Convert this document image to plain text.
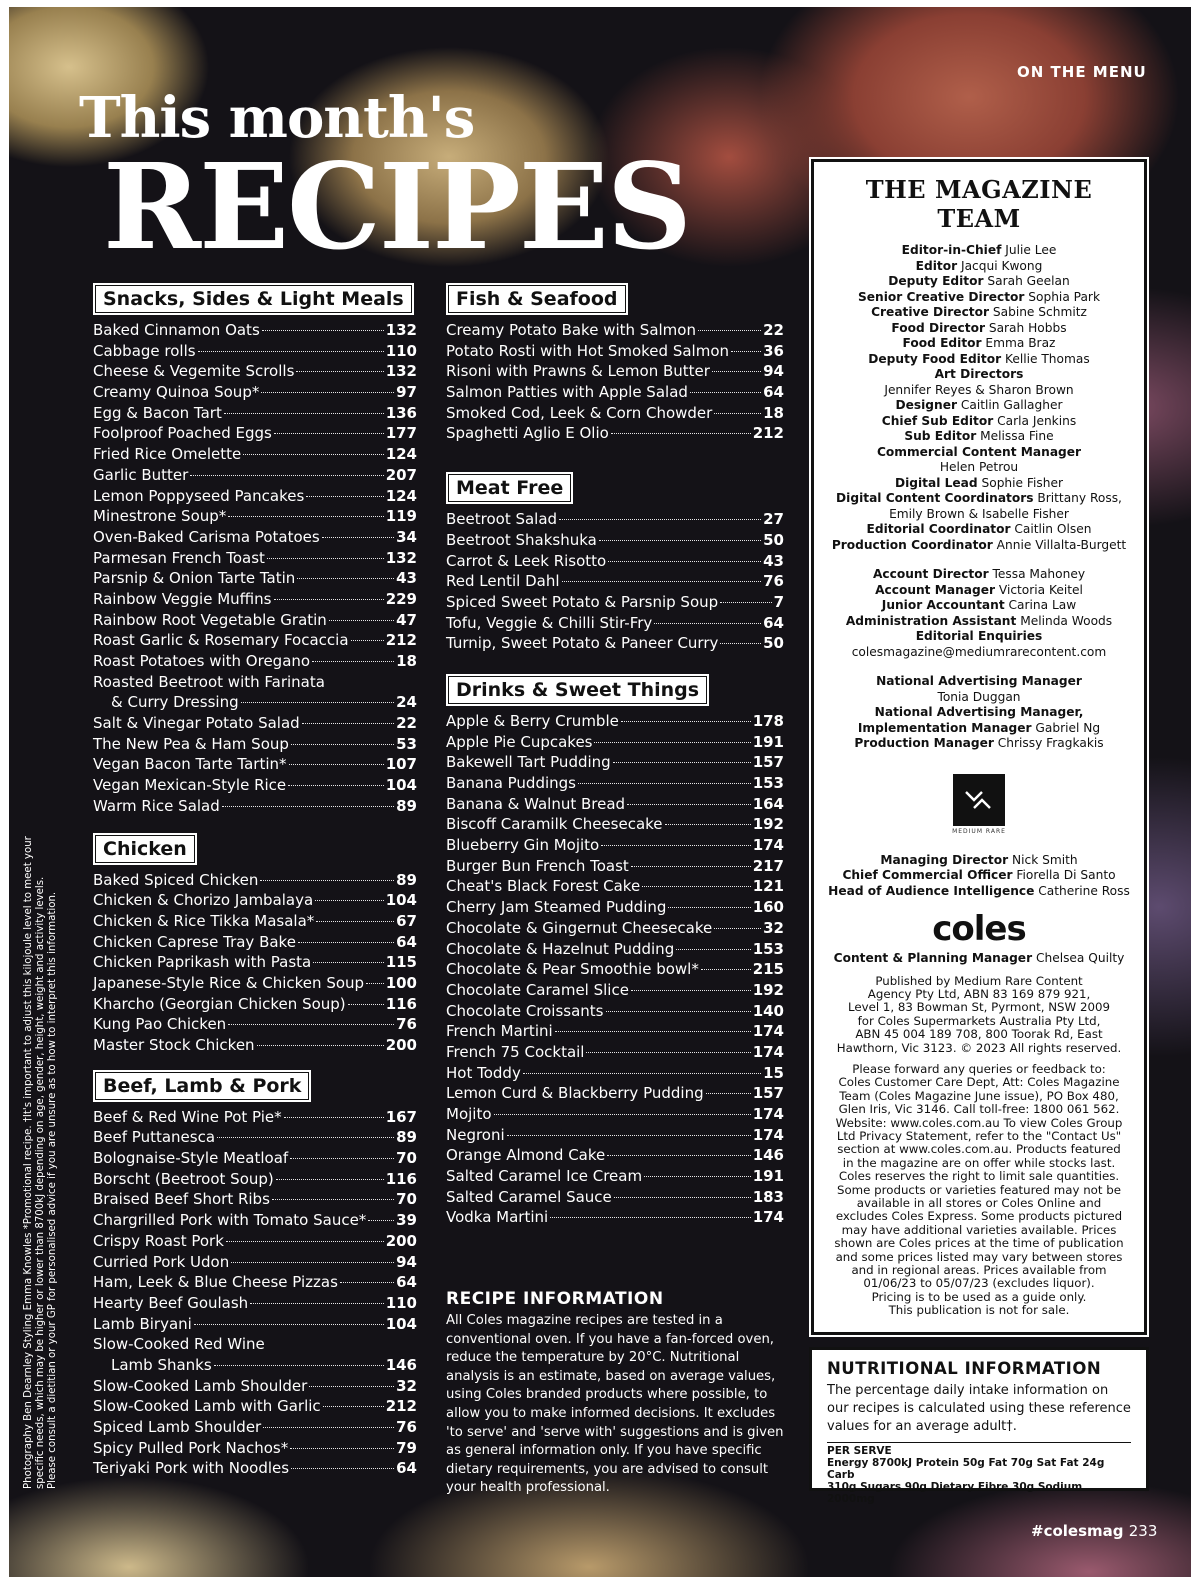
ON THE MENU
This month's
RECIPES
Snacks, Sides & Light Meals
Baked Cinnamon Oats	132
Cabbage rolls	110
Cheese & Vegemite Scrolls	132
Creamy Quinoa Soup*	97
Egg & Bacon Tart	136
Foolproof Poached Eggs	177
Fried Rice Omelette	124
Garlic Butter	207
Lemon Poppyseed Pancakes	124
Minestrone Soup*	119
Oven-Baked Carisma Potatoes	34
Parmesan French Toast	132
Parsnip & Onion Tarte Tatin	43
Rainbow Veggie Muffins	229
Rainbow Root Vegetable Gratin	47
Roast Garlic & Rosemary Focaccia 212
Roast Potatoes with Oregano	18
Roasted Beetroot with Farinata
& Curry Dressing	24
Salt & Vinegar Potato Salad	22
The New Pea & Ham Soup	53
Vegan Bacon Tarte Tartin*	107
Vegan Mexican-Style Rice	104
Warm Rice Salad	89
Chicken
Baked Spiced Chicken	89
Chicken & Chorizo Jambalaya	104
Chicken & Rice Tikka Masala*	67
Chicken Caprese Tray Bake	64
Chicken Paprikash with Pasta	115
Japanese-Style Rice & Chicken Soup 100
Kharcho (Georgian Chicken Soup)	116
Kung Pao Chicken	76
Master Stock Chicken	200
Beef, Lamb & Pork
Beef & Red Wine Pot Pie*	167
Beef Puttanesca	89
Bolognaise-Style Meatloaf	70
Borscht (Beetroot Soup)	116
Braised Beef Short Ribs	70
Chargrilled Pork with Tomato Sauce* 39
Crispy Roast Pork	200
Curried Pork Udon	94
Ham, Leek & Blue Cheese Pizzas	64
Hearty Beef Goulash	110
Lamb Biryani	104
Slow-Cooked Red Wine
Lamb Shanks	146
Slow-Cooked Lamb Shoulder	32
Slow-Cooked Lamb with Garlic	212
Spiced Lamb Shoulder	76
Spicy Pulled Pork Nachos*	79
Teriyaki Pork with Noodles	64
Fish & Seafood
Creamy Potato Bake with Salmon	22
Potato Rosti with Hot Smoked Salmon 36
Risoni with Prawns & Lemon Butter	94
Salmon Patties with Apple Salad	64
Smoked Cod, Leek & Corn Chowder	18
Spaghetti Aglio E Olio	212
Meat Free
Beetroot Salad	27
Beetroot Shakshuka	50
Carrot & Leek Risotto	43
Red Lentil Dahl	76
Spiced Sweet Potato & Parsnip Soup	7
Tofu, Veggie & Chilli Stir-Fry	64
Turnip, Sweet Potato & Paneer Curry	50
Drinks & Sweet Things
Apple & Berry Crumble	178
Apple Pie Cupcakes	191
Bakewell Tart Pudding	157
Banana Puddings	153
Banana & Walnut Bread	164
Biscoff Caramilk Cheesecake	192
Blueberry Gin Mojito	174
Burger Bun French Toast	217
Cheat's Black Forest Cake	121
Cherry Jam Steamed Pudding	160
Chocolate & Gingernut Cheesecake	32
Chocolate & Hazelnut Pudding	153
Chocolate & Pear Smoothie bowl*	215
Chocolate Caramel Slice	192
Chocolate Croissants	140
French Martini	174
French 75 Cocktail	174
Hot Toddy	15
Lemon Curd & Blackberry Pudding	157
Mojito	174
Negroni	174
Orange Almond Cake	146
Salted Caramel Ice Cream	191
Salted Caramel Sauce	183
Vodka Martini	174
RECIPE INFORMATION

All Coles magazine recipes are tested in a conventional oven. If you have a fan-forced oven, reduce the temperature by 20°C. Nutritional analysis is an estimate, based on average values, using Coles branded products where possible, to allow you to make informed decisions. It excludes 'to serve' and 'serve with' suggestions and is given as general information only. If you have specific dietary requirements, you are advised to consult your health professional.

THE MAGAZINE TEAM
Editor-in-Chief Julie Lee
Editor Jacqui Kwong
Deputy Editor Sarah Geelan
Senior Creative Director Sophia Park
Creative Director Sabine Schmitz
Food Director Sarah Hobbs
Food Editor Emma Braz
Deputy Food Editor Kellie Thomas
Art Directors
Jennifer Reyes & Sharon Brown
Designer Caitlin Gallagher
Chief Sub Editor Carla Jenkins
Sub Editor Melissa Fine
Commercial Content Manager
Helen Petrou
Digital Lead Sophie Fisher
Digital Content Coordinators Brittany Ross,
Emily Brown & Isabelle Fisher
Editorial Coordinator Caitlin Olsen
Production Coordinator Annie Villalta-Burgett
Account Director Tessa Mahoney
Account Manager Victoria Keitel
Junior Accountant Carina Law
Administration Assistant Melinda Woods
Editorial Enquiries
colesmagazine@mediumrarecontent.com
National Advertising Manager
Tonia Duggan
National Advertising Manager,
Implementation Manager Gabriel Ng
Production Manager Chrissy Fragkakis
MEDIUM RARE
Managing Director Nick Smith
Chief Commercial Officer Fiorella Di Santo
Head of Audience Intelligence Catherine Ross
coles
Content & Planning Manager Chelsea Quilty
Published by Medium Rare Content
Agency Pty Ltd, ABN 83 169 879 921,
Level 1, 83 Bowman St, Pyrmont, NSW 2009
for Coles Supermarkets Australia Pty Ltd,
ABN 45 004 189 708, 800 Toorak Rd, East
Hawthorn, Vic 3123. © 2023 All rights reserved.
Please forward any queries or feedback to:
Coles Customer Care Dept, Att: Coles Magazine
Team (Coles Magazine June issue), PO Box 480,
Glen Iris, Vic 3146. Call toll-free: 1800 061 562.
Website: www.coles.com.au To view Coles Group
Ltd Privacy Statement, refer to the "Contact Us"
section at www.coles.com.au. Products featured
in the magazine are on offer while stocks last.
Coles reserves the right to limit sale quantities.
Some products or varieties featured may not be
available in all stores or Coles Online and
excludes Coles Express. Some products pictured
may have additional varieties available. Prices
shown are Coles prices at the time of publication
and some prices listed may vary between stores
and in regional areas. Prices available from
01/06/23 to 05/07/23 (excludes liquor).
Pricing is to be used as a guide only.
This publication is not for sale.
NUTRITIONAL INFORMATION

The percentage daily intake information on our recipes is calculated using these reference values for an average adult†.

PER SERVE
Energy 8700kJ Protein 50g Fat 70g Sat Fat 24g Carb
310g Sugars 90g Dietary Fibre 30g Sodium 2000mg
Photography Ben Dearnley Styling Emma Knowles *Promotional recipe. †It's important to adjust this kilojoule level to meet your specific needs, which may be higher or lower than 8700kJ depending on age, gender, height, weight and activity levels. Please consult a dietitian or your GP for personalised advice if you are unsure as to how to interpret this information.
#colesmag 233
